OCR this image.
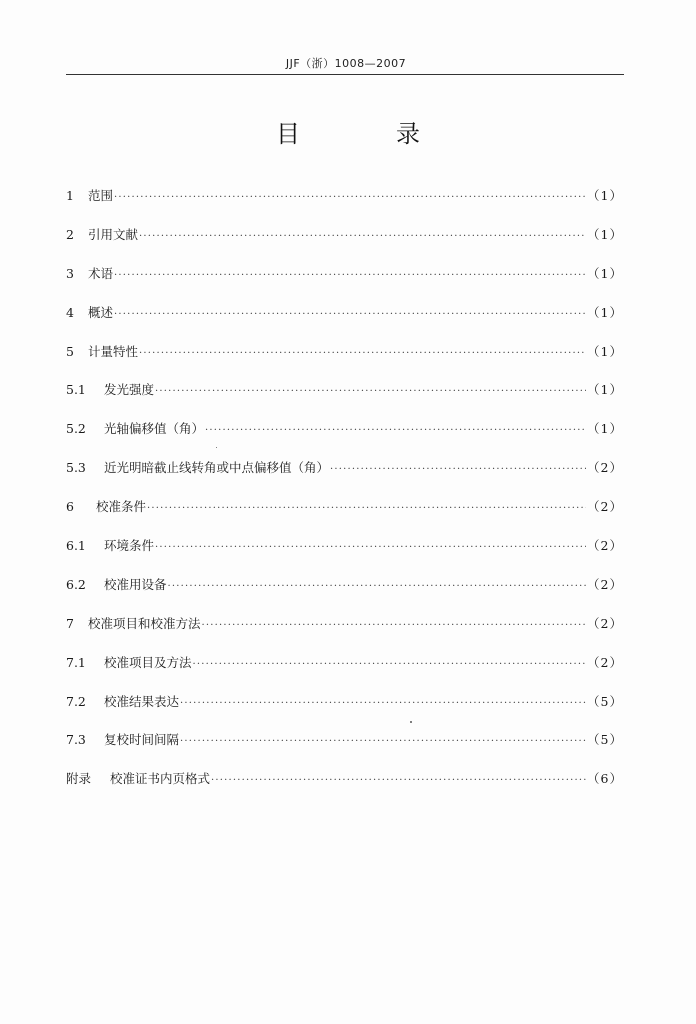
JJF（浙）1008—2007
目　录
1	范围 ·····	（1）
2	引用文献 ·····	（1）
3	术语 ·····	（1）
4	概述 ·····	（1）
5	计量特性 ·····	（1）
5.1	发光强度 ·····	（1）
5.2	光轴偏移值（角） ·····	（1）
5.3	近光明暗截止线转角或中点偏移值（角） ·····	（2）
6	校准条件 ·····	（2）
6.1	环境条件 ·····	（2）
6.2	校准用设备 ·····	（2）
7	校准项目和校准方法 ·····	（2）
7.1	校准项目及方法 ·····	（2）
7.2	校准结果表达 ·····	（5）
7.3	复校时间间隔 ·····	（5）
附录	校准证书内页格式 ·····	（6）
